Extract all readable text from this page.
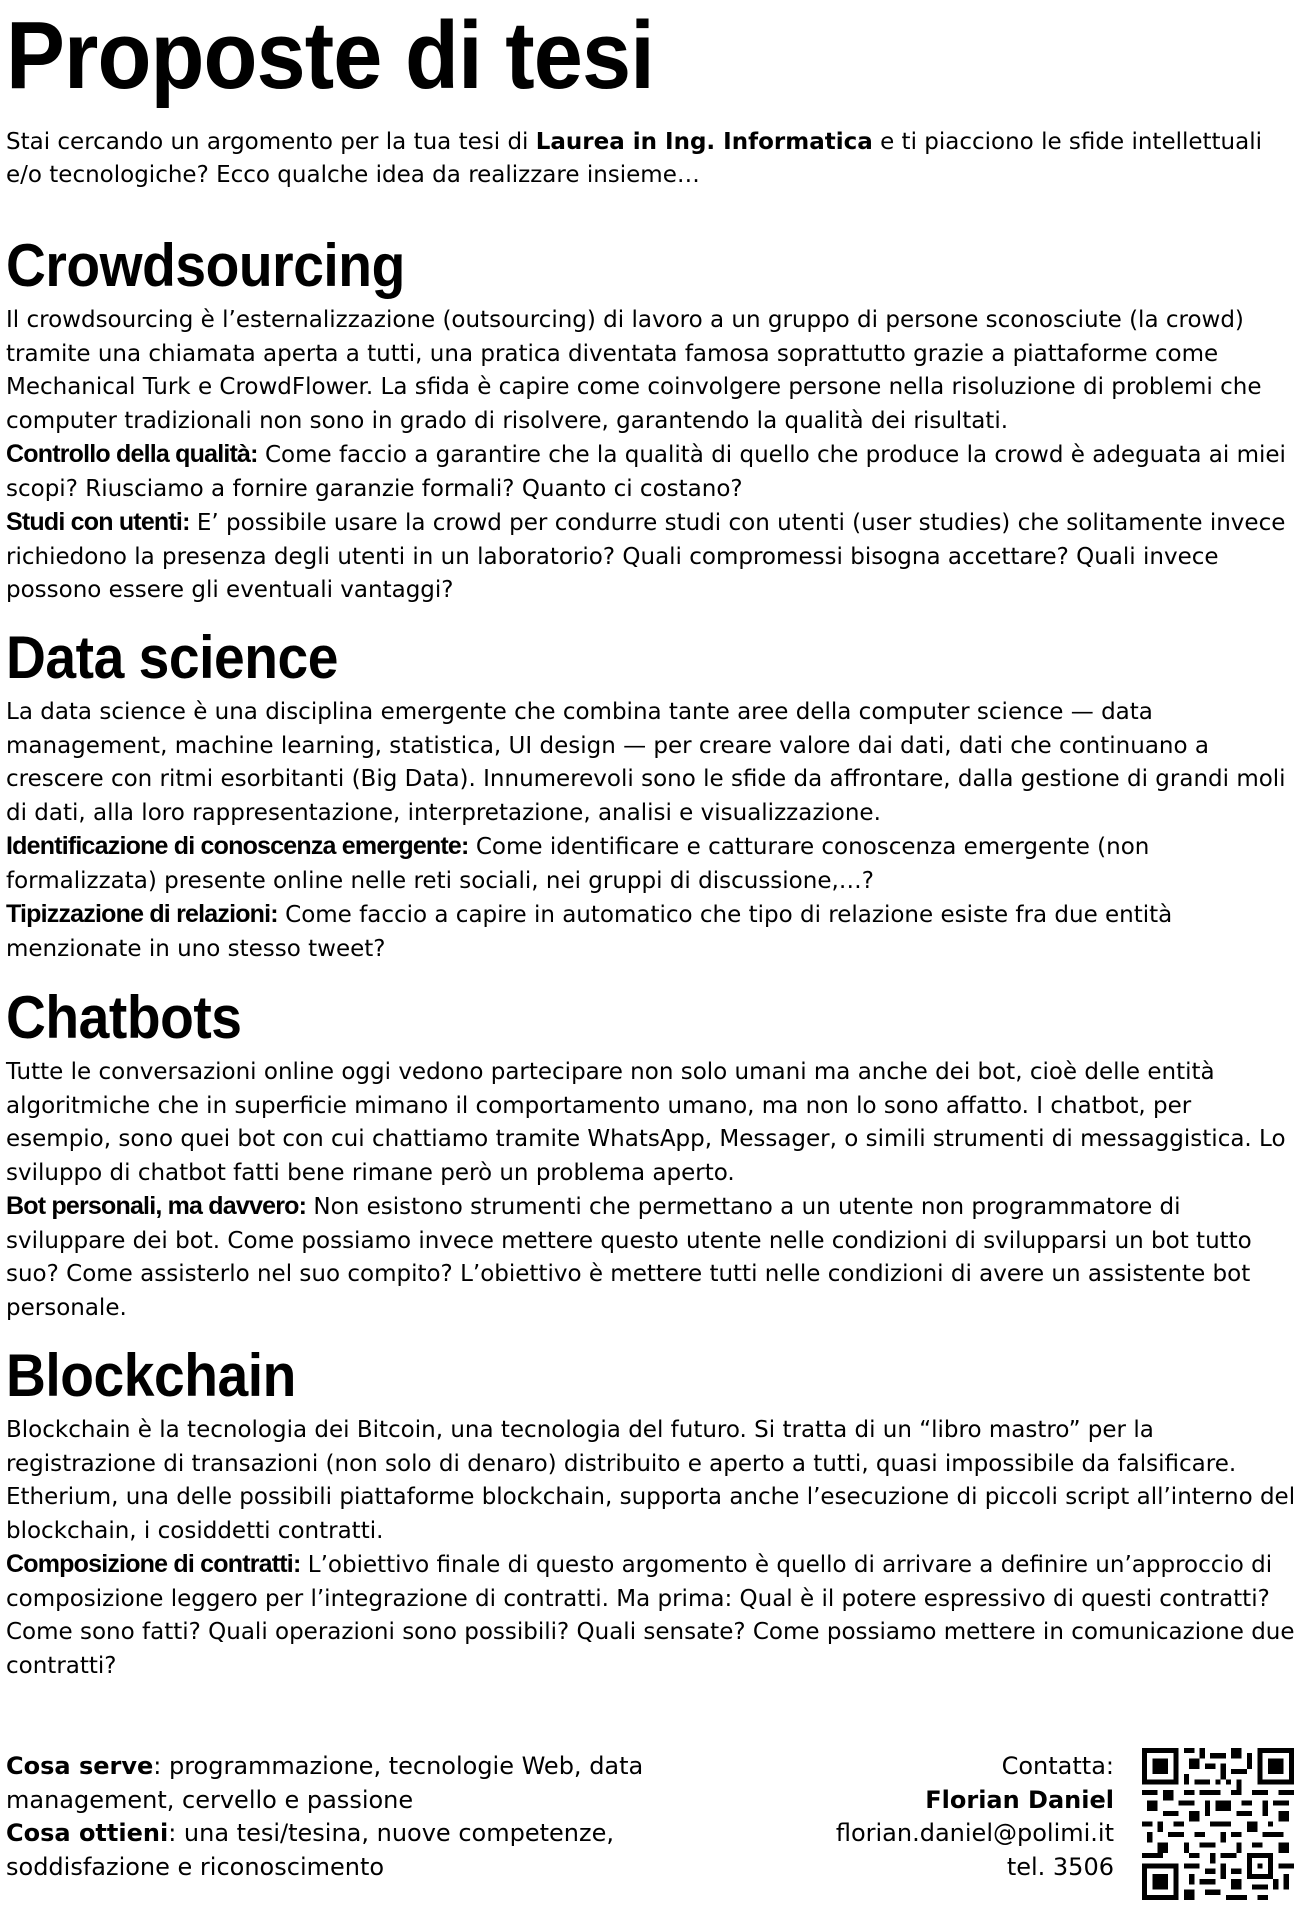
Proposte di tesi

Stai cercando un argomento per la tua tesi di Laurea in Ing. Informatica e ti piacciono le sfide intellettuali e/o tecnologiche? Ecco qualche idea da realizzare insieme…

Crowdsourcing

Il crowdsourcing è l’esternalizzazione (outsourcing) di lavoro a un gruppo di persone sconosciute (la crowd) tramite una chiamata aperta a tutti, una pratica diventata famosa soprattutto grazie a piattaforme come Mechanical Turk e CrowdFlower. La sfida è capire come coinvolgere persone nella risoluzione di problemi che computer tradizionali non sono in grado di risolvere, garantendo la qualità dei risultati.

Controllo della qualità: Come faccio a garantire che la qualità di quello che produce la crowd è adeguata ai miei scopi? Riusciamo a fornire garanzie formali? Quanto ci costano?

Studi con utenti: E’ possibile usare la crowd per condurre studi con utenti (user studies) che solitamente invece richiedono la presenza degli utenti in un laboratorio? Quali compromessi bisogna accettare? Quali invece possono essere gli eventuali vantaggi?

Data science

La data science è una disciplina emergente che combina tante aree della computer science — data management, machine learning, statistica, UI design — per creare valore dai dati, dati che continuano a crescere con ritmi esorbitanti (Big Data). Innumerevoli sono le sfide da affrontare, dalla gestione di grandi moli di dati, alla loro rappresentazione, interpretazione, analisi e visualizzazione.

Identificazione di conoscenza emergente: Come identificare e catturare conoscenza emergente (non formalizzata) presente online nelle reti sociali, nei gruppi di discussione,…?

Tipizzazione di relazioni: Come faccio a capire in automatico che tipo di relazione esiste fra due entità menzionate in uno stesso tweet?

Chatbots

Tutte le conversazioni online oggi vedono partecipare non solo umani ma anche dei bot, cioè delle entità algoritmiche che in superficie mimano il comportamento umano, ma non lo sono affatto. I chatbot, per esempio, sono quei bot con cui chattiamo tramite WhatsApp, Messager, o simili strumenti di messaggistica. Lo sviluppo di chatbot fatti bene rimane però un problema aperto.

Bot personali, ma davvero: Non esistono strumenti che permettano a un utente non programmatore di sviluppare dei bot. Come possiamo invece mettere questo utente nelle condizioni di svilupparsi un bot tutto suo? Come assisterlo nel suo compito? L’obiettivo è mettere tutti nelle condizioni di avere un assistente bot personale.

Blockchain

Blockchain è la tecnologia dei Bitcoin, una tecnologia del futuro. Si tratta di un “libro mastro” per la registrazione di transazioni (non solo di denaro) distribuito e aperto a tutti, quasi impossibile da falsificare. Etherium, una delle possibili piattaforme blockchain, supporta anche l’esecuzione di piccoli script all’interno del blockchain, i cosiddetti contratti.

Composizione di contratti: L’obiettivo finale di questo argomento è quello di arrivare a definire un’approccio di composizione leggero per l’integrazione di contratti. Ma prima: Qual è il potere espressivo di questi contratti? Come sono fatti? Quali operazioni sono possibili? Quali sensate? Come possiamo mettere in comunicazione due contratti?

Cosa serve: programmazione, tecnologie Web, data management, cervello e passione
Cosa ottieni: una tesi/tesina, nuove competenze, soddisfazione e riconoscimento
Contatta:
Florian Daniel
florian.daniel@polimi.it
tel. 3506
